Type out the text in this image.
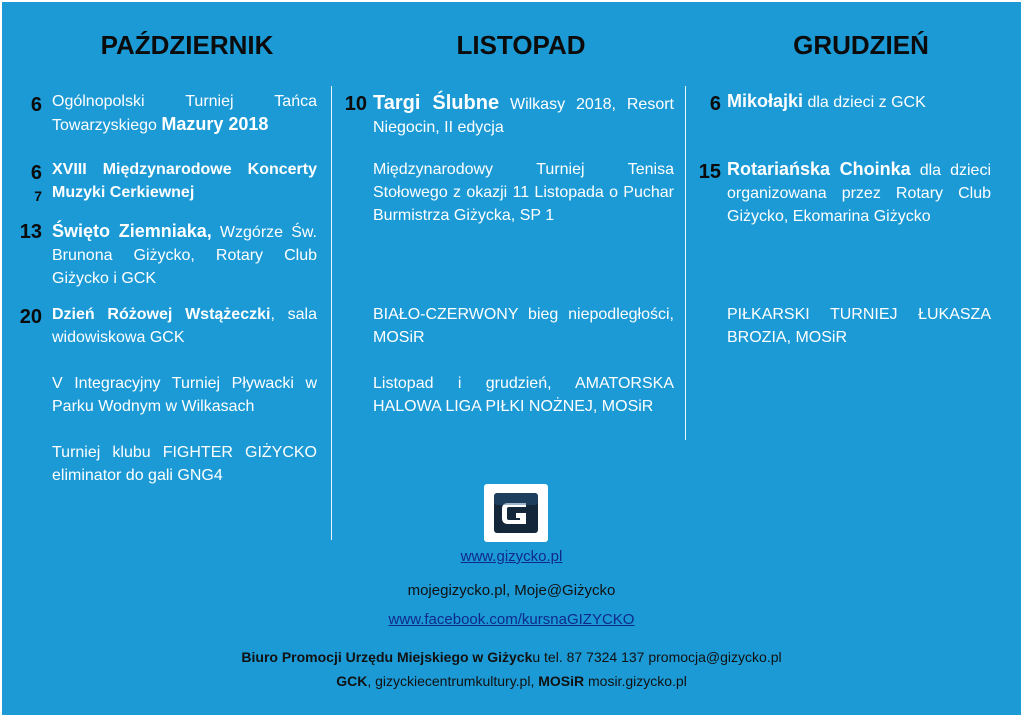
PAŹDZIERNIK	LISTOPAD	GRUDZIEŃ
6 Ogólnopolski Turniej Tańca Towarzyskiego Mazury 2018
6
7
XVIII Międzynarodowe Koncerty Muzyki Cerkiewnej
13 Święto Ziemniaka, Wzgórze Św. Brunona Giżycko, Rotary Club Giżycko i GCK
20 Dzień Różowej Wstążeczki, sala widowiskowa GCK
V Integracyjny Turniej Pływacki w Parku Wodnym w Wilkasach
Turniej klubu FIGHTER GIŻYCKO eliminator do gali GNG4
10 Targi Ślubne Wilkasy 2018, Resort Niegocin, II edycja
Międzynarodowy Turniej Tenisa Stołowego z okazji 11 Listopada o Puchar Burmistrza Giżycka, SP 1
BIAŁO-CZERWONY bieg niepodległości, MOSiR
Listopad i grudzień, AMATORSKA HALOWA LIGA PIŁKI NOŻNEJ, MOSiR
6 Mikołajki dla dzieci z GCK
15 Rotariańska Choinka dla dzieci organizowana przez Rotary Club Giżycko, Ekomarina Giżycko
PIŁKARSKI TURNIEJ ŁUKASZA BROZIA, MOSiR
www.gizycko.pl
mojegizycko.pl, Moje@Giżycko
www.facebook.com/kursnaGIZYCKO
Biuro Promocji Urzędu Miejskiego w Giżycku tel. 87 7324 137 promocja@gizycko.pl
GCK, gizyckiecentrumkultury.pl, MOSiR mosir.gizycko.pl
